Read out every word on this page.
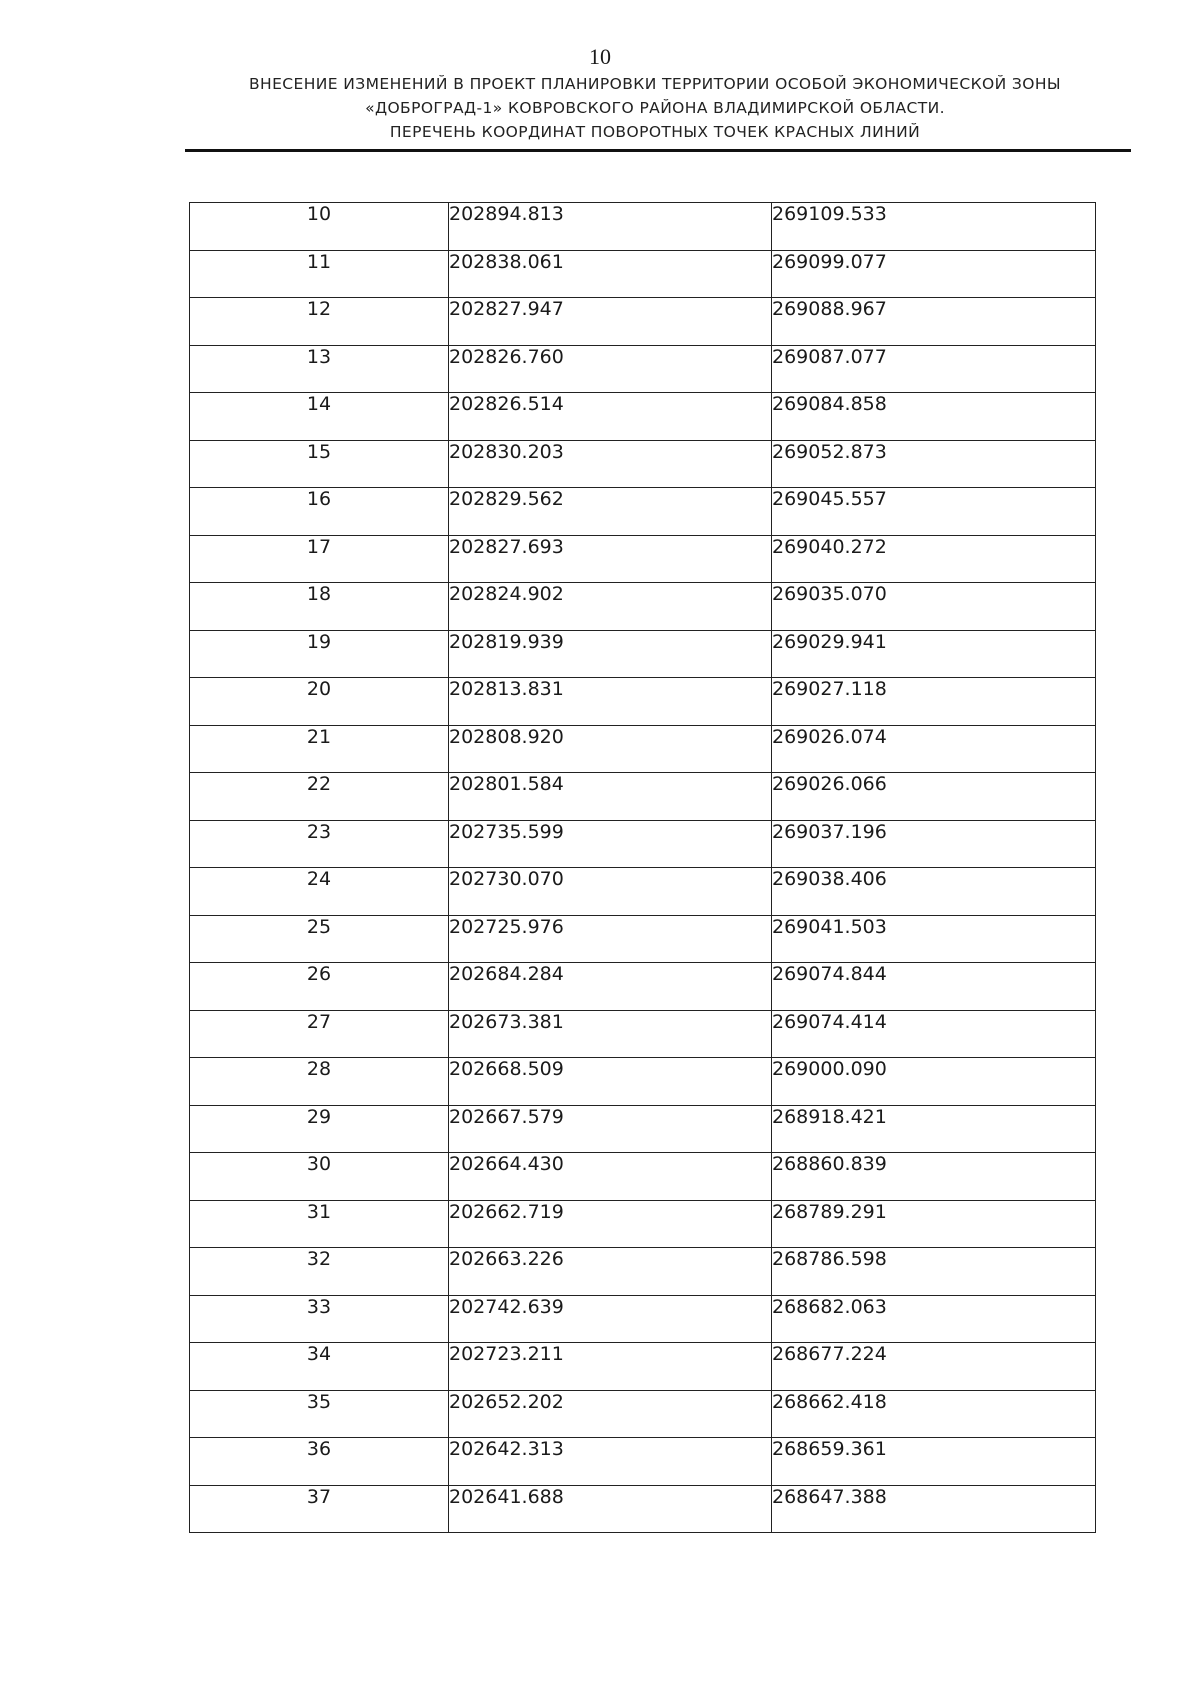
10
ВНЕСЕНИЕ ИЗМЕНЕНИЙ В ПРОЕКТ ПЛАНИРОВКИ ТЕРРИТОРИИ ОСОБОЙ ЭКОНОМИЧЕСКОЙ ЗОНЫ
«ДОБРОГРАД-1» КОВРОВСКОГО РАЙОНА ВЛАДИМИРСКОЙ ОБЛАСТИ.
ПЕРЕЧЕНЬ КООРДИНАТ ПОВОРОТНЫХ ТОЧЕК КРАСНЫХ ЛИНИЙ
10	202894.813	269109.533
11	202838.061	269099.077
12	202827.947	269088.967
13	202826.760	269087.077
14	202826.514	269084.858
15	202830.203	269052.873
16	202829.562	269045.557
17	202827.693	269040.272
18	202824.902	269035.070
19	202819.939	269029.941
20	202813.831	269027.118
21	202808.920	269026.074
22	202801.584	269026.066
23	202735.599	269037.196
24	202730.070	269038.406
25	202725.976	269041.503
26	202684.284	269074.844
27	202673.381	269074.414
28	202668.509	269000.090
29	202667.579	268918.421
30	202664.430	268860.839
31	202662.719	268789.291
32	202663.226	268786.598
33	202742.639	268682.063
34	202723.211	268677.224
35	202652.202	268662.418
36	202642.313	268659.361
37	202641.688	268647.388
